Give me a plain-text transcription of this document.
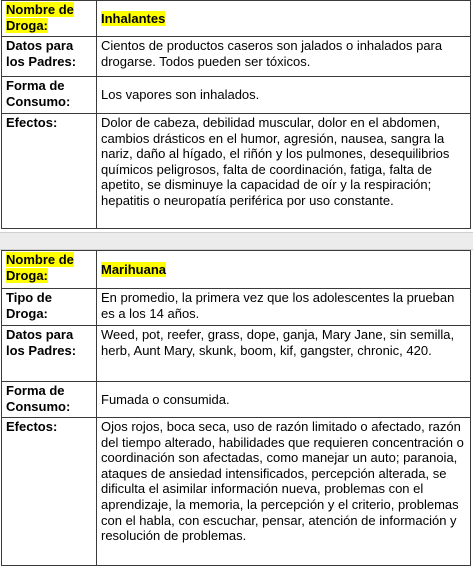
Nombre de Droga:	Inhalantes
Datos para los Padres:	Cientos de productos caseros son jalados o inhalados para drogarse. Todos pueden ser tóxicos.
Forma de Consumo:	Los vapores son inhalados.
Efectos:	Dolor de cabeza, debilidad muscular, dolor en el abdomen, cambios drásticos en el humor, agresión, nausea, sangra la nariz, daño al hígado, el riñón y los pulmones, desequilibrios químicos peligrosos, falta de coordinación, fatiga, falta de apetito, se disminuye la capacidad de oír y la respiración; hepatitis o neuropatía periférica por uso constante.
Nombre de Droga:	Marihuana
Tipo de Droga:	En promedio, la primera vez que los adolescentes la prueban es a los 14 años.
Datos para los Padres:	Weed, pot, reefer, grass, dope, ganja, Mary Jane, sin semilla, herb, Aunt Mary, skunk, boom, kif, gangster, chronic, 420.
Forma de Consumo:	Fumada o consumida.
Efectos:	Ojos rojos, boca seca, uso de razón limitado o afectado, razón del tiempo alterado, habilidades que requieren concentración o coordinación son afectadas, como manejar un auto; paranoia, ataques de ansiedad intensificados, percepción alterada, se dificulta el asimilar información nueva, problemas con el aprendizaje, la memoria, la percepción y el criterio, problemas con el habla, con escuchar, pensar, atención de información y resolución de problemas.
